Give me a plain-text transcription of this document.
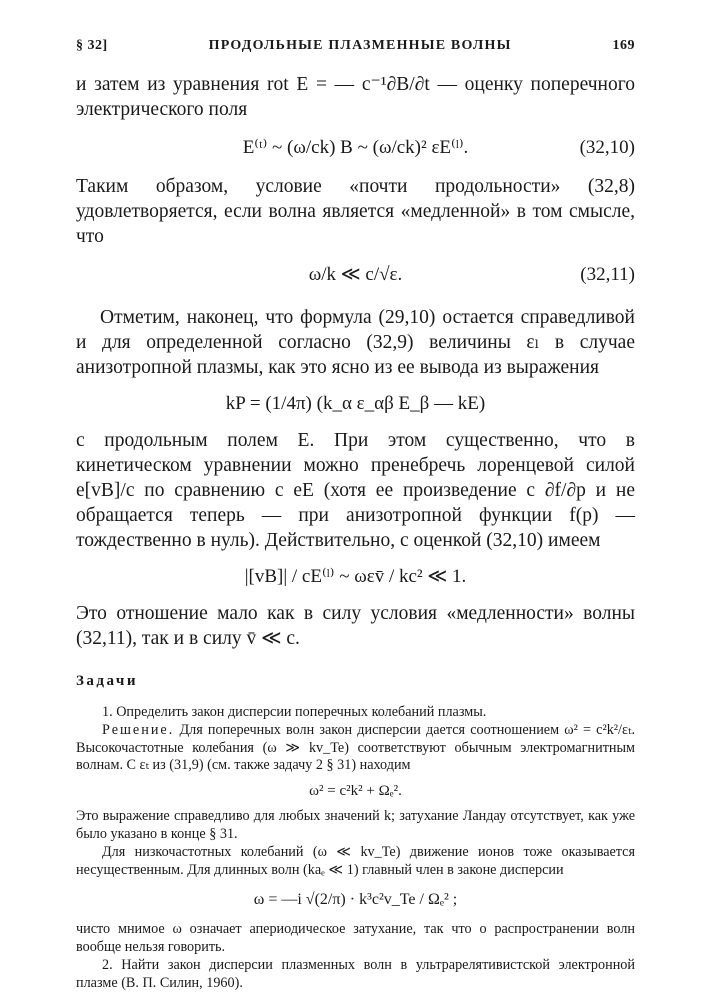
§ 32]	ПРОДОЛЬНЫЕ ПЛАЗМЕННЫЕ ВОЛНЫ	169

и затем из уравнения rot E = — c⁻¹∂B/∂t — оценку поперечного электрического поля

E⁽ᵗ⁾ ~ (ω/ck) B ~ (ω/ck)² εE⁽ˡ⁾.	(32,10)

Таким образом, условие «почти продольности» (32,8) удовлетворяется, если волна является «медленной» в том смысле, что

ω/k ≪ c/√ε.	(32,11)

Отметим, наконец, что формула (29,10) остается справедливой и для определенной согласно (32,9) величины εₗ в случае анизотропной плазмы, как это ясно из ее вывода из выражения

kP = (1/4π) (k_α ε_αβ E_β — kE)

с продольным полем E. При этом существенно, что в кинетическом уравнении можно пренебречь лоренцевой силой e[vB]/c по сравнению с eE (хотя ее произведение с ∂f/∂p и не обращается теперь — при анизотропной функции f(p) — тождественно в нуль). Действительно, с оценкой (32,10) имеем

|[vB]| / cE⁽ˡ⁾ ~ ωεv̄ / kc² ≪ 1.

Это отношение мало как в силу условия «медленности» волны (32,11), так и в силу v̄ ≪ c.

Задачи

1. Определить закон дисперсии поперечных колебаний плазмы.

Решение. Для поперечных волн закон дисперсии дается соотношением ω² = c²k²/εₜ. Высокочастотные колебания (ω ≫ kv_Te) соответствуют обычным электромагнитным волнам. С εₜ из (31,9) (см. также задачу 2 § 31) находим

ω² = c²k² + Ωₑ².

Это выражение справедливо для любых значений k; затухание Ландау отсутствует, как уже было указано в конце § 31.

Для низкочастотных колебаний (ω ≪ kv_Te) движение ионов тоже оказывается несущественным. Для длинных волн (kaₑ ≪ 1) главный член в законе дисперсии

ω = —i √(2/π) · k³c²v_Te / Ωₑ² ;

чисто мнимое ω означает апериодическое затухание, так что о распространении волн вообще нельзя говорить.

2. Найти закон дисперсии плазменных волн в ультрарелятивистской электронной плазме (В. П. Силин, 1960).
